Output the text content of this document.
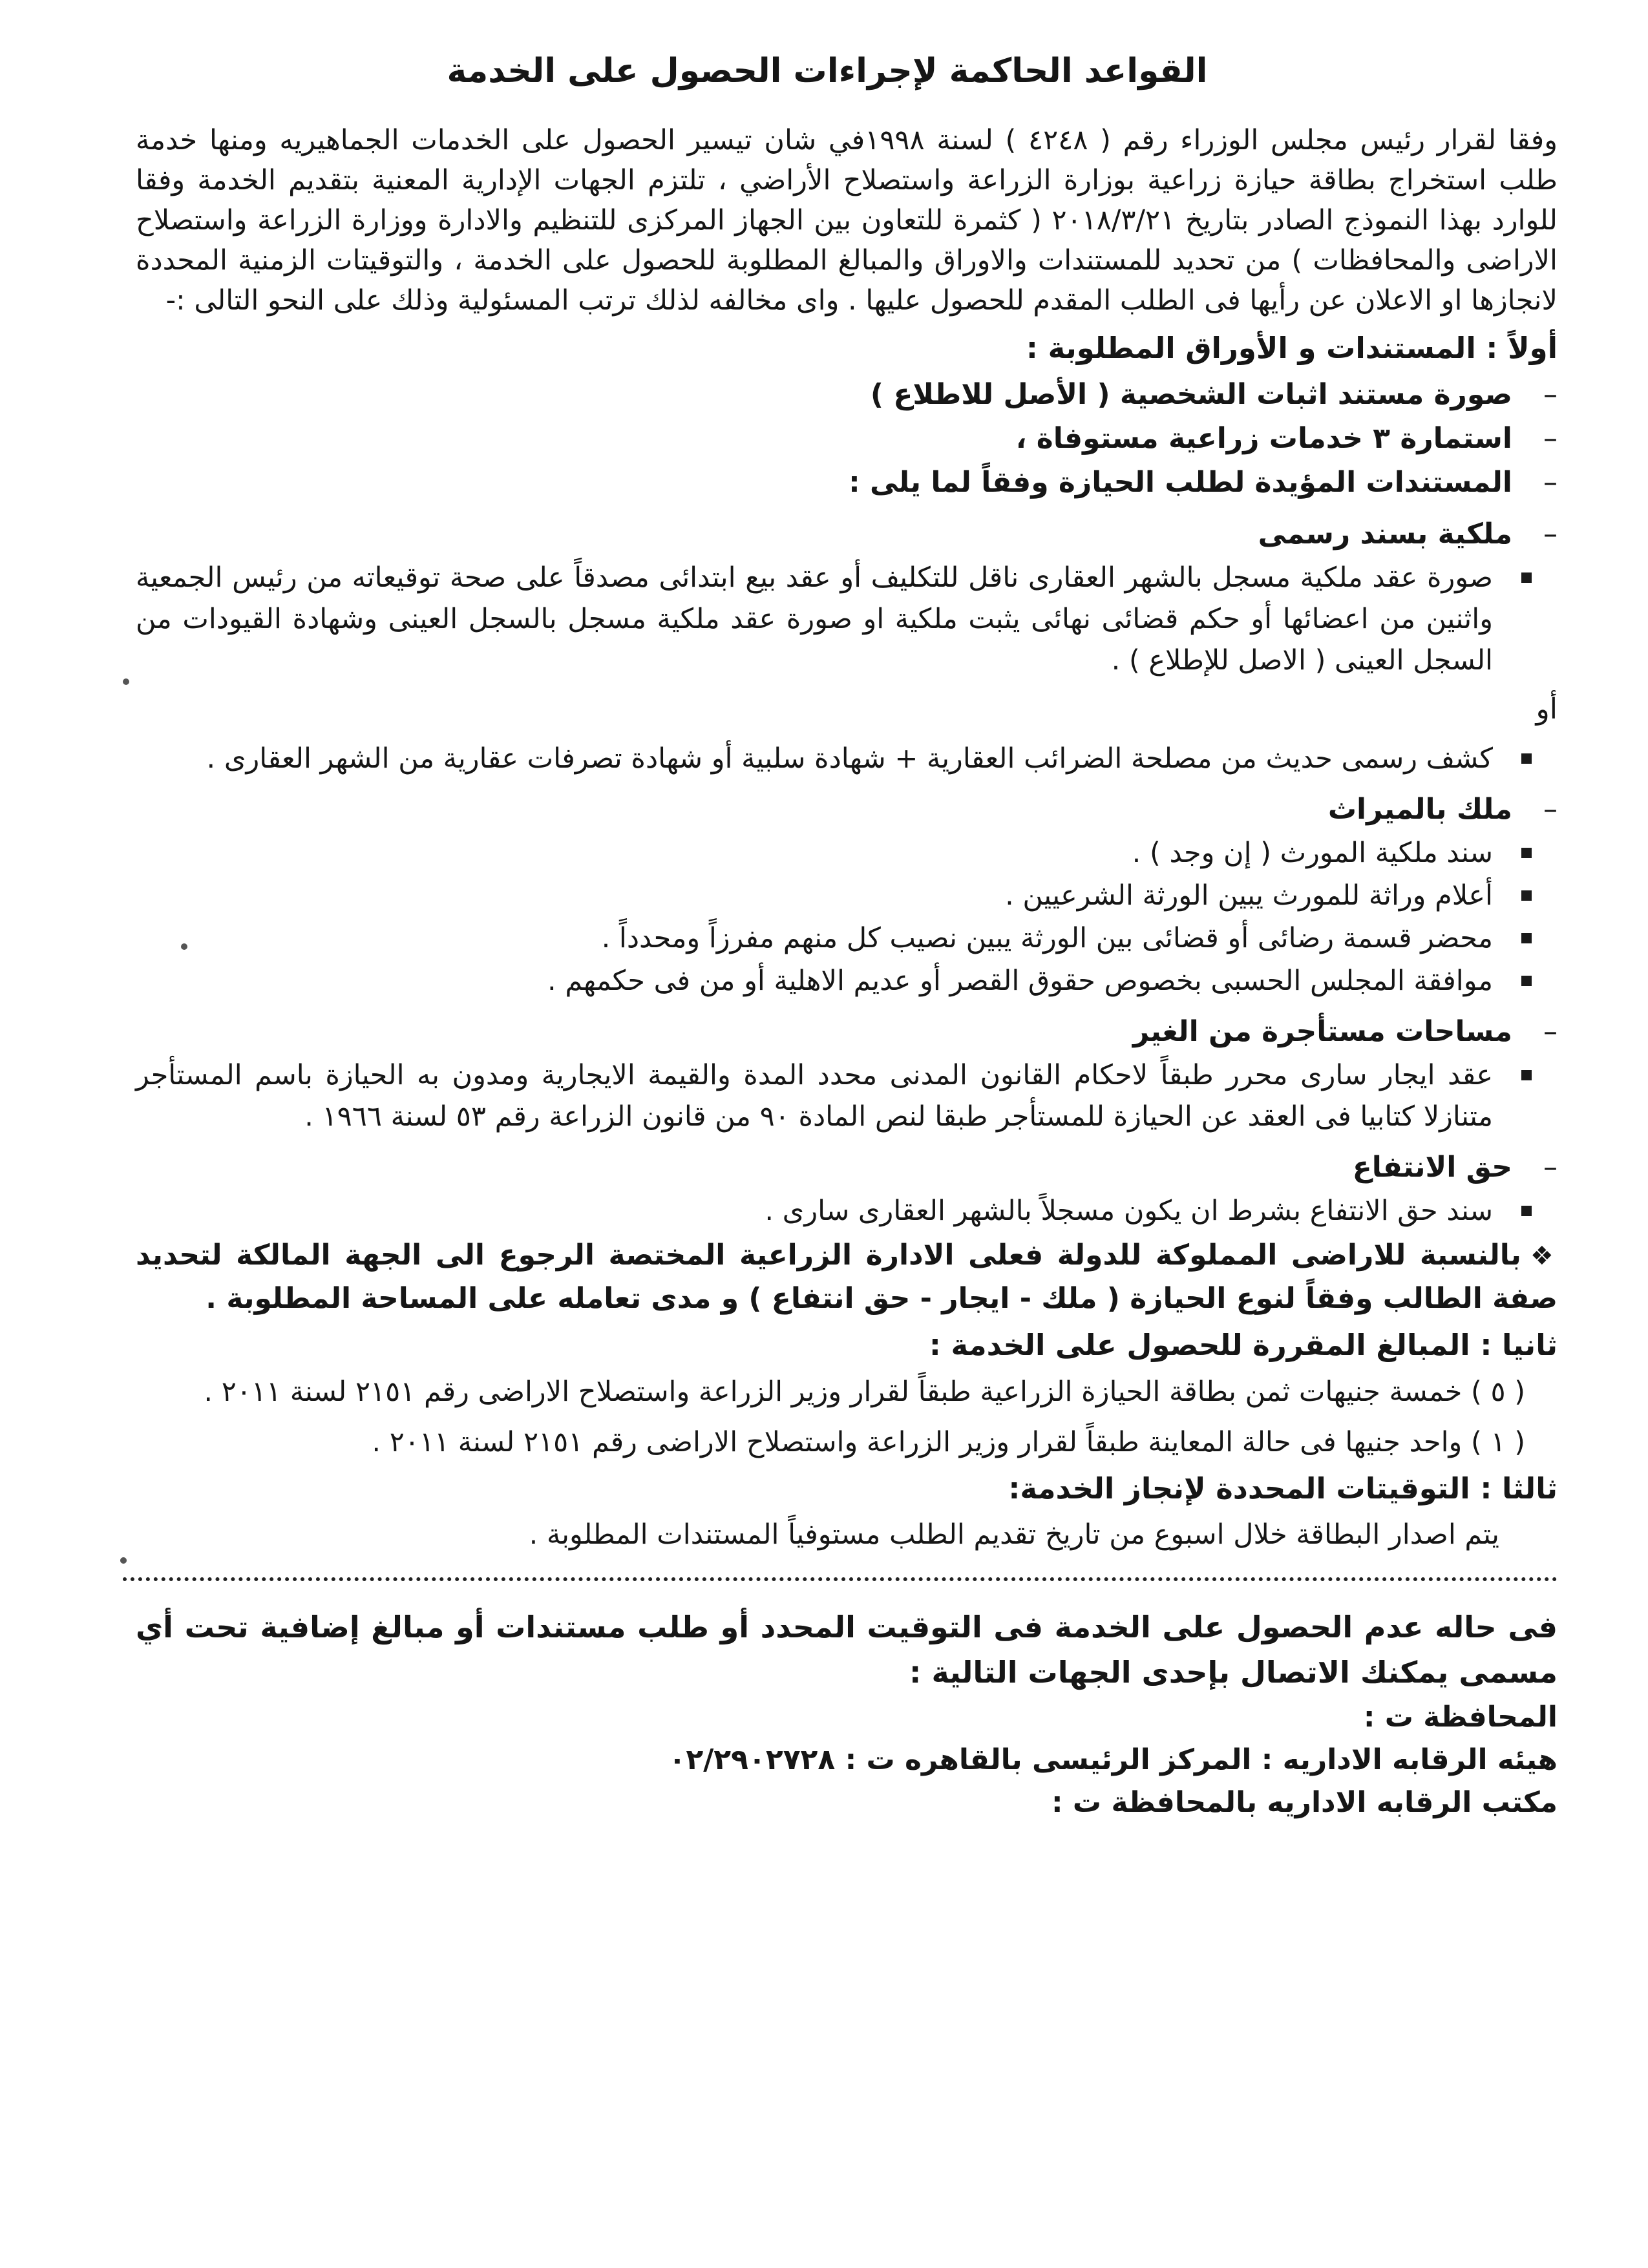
القواعد الحاكمة لإجراءات الحصول على الخدمة
وفقا لقرار رئيس مجلس الوزراء رقم ( ٤٢٤٨ ) لسنة ١٩٩٨في شان تيسير الحصول على الخدمات الجماهيريه ومنها خدمة طلب استخراج بطاقة حيازة زراعية بوزارة الزراعة واستصلاح الأراضي ، تلتزم الجهات الإدارية المعنية بتقديم الخدمة وفقا للوارد بهذا النموذج الصادر بتاريخ ٢٠١٨/٣/٢١ ( كثمرة للتعاون بين الجهاز المركزى للتنظيم والادارة ووزارة الزراعة واستصلاح الاراضى والمحافظات ) من تحديد للمستندات والاوراق والمبالغ المطلوبة للحصول على الخدمة ، والتوقيتات الزمنية المحددة لانجازها او الاعلان عن رأيها فى الطلب المقدم للحصول عليها . واى مخالفه لذلك ترتب المسئولية وذلك على النحو التالى :-
أولاً : المستندات و الأوراق المطلوبة :
–
صورة مستند اثبات الشخصية ( الأصل للاطلاع )
–
استمارة ٣ خدمات زراعية مستوفاة ،
–
المستندات المؤيدة لطلب الحيازة وفقاً لما يلى :
–
ملكية بسند رسمى
صورة عقد ملكية مسجل بالشهر العقارى ناقل للتكليف أو عقد بيع ابتدائى مصدقاً على صحة توقيعاته من رئيس الجمعية واثنين من اعضائها أو حكم قضائى نهائى يثبت ملكية او صورة عقد ملكية مسجل بالسجل العينى وشهادة القيودات من السجل العينى ( الاصل للإطلاع ) .
أو
كشف رسمى حديث من مصلحة الضرائب العقارية + شهادة سلبية أو شهادة تصرفات عقارية من الشهر العقارى .
–
ملك بالميراث
سند ملكية المورث ( إن وجد ) .
أعلام وراثة للمورث يبين الورثة الشرعيين .
محضر قسمة رضائى أو قضائى بين الورثة يبين نصيب كل منهم مفرزاً ومحدداً .
موافقة المجلس الحسبى بخصوص حقوق القصر أو عديم الاهلية أو من فى حكمهم .
–
مساحات مستأجرة من الغير
عقد ايجار سارى محرر طبقاً لاحكام القانون المدنى محدد المدة والقيمة الايجارية ومدون به الحيازة باسم المستأجر متنازلا كتابيا فى العقد عن الحيازة للمستأجر طبقا لنص المادة ٩٠ من قانون الزراعة رقم ٥٣ لسنة ١٩٦٦ .
–
حق الانتفاع
سند حق الانتفاع بشرط ان يكون مسجلاً بالشهر العقارى سارى .
❖بالنسبة للاراضى المملوكة للدولة فعلى الادارة الزراعية المختصة الرجوع الى الجهة المالكة لتحديد صفة الطالب وفقاً لنوع الحيازة ( ملك - ايجار - حق انتفاع ) و مدى تعامله على المساحة المطلوبة .
ثانيا : المبالغ المقررة للحصول على الخدمة :
( ٥ ) خمسة جنيهات ثمن بطاقة الحيازة الزراعية طبقاً لقرار وزير الزراعة واستصلاح الاراضى رقم ٢١٥١ لسنة ٢٠١١ .
( ١ ) واحد جنيها فى حالة المعاينة طبقاً لقرار وزير الزراعة واستصلاح الاراضى رقم ٢١٥١ لسنة ٢٠١١ .
ثالثا : التوقيتات المحددة لإنجاز الخدمة:
يتم اصدار البطاقة خلال اسبوع من تاريخ تقديم الطلب مستوفياً المستندات المطلوبة .
فى حاله عدم الحصول على الخدمة فى التوقيت المحدد أو طلب مستندات أو مبالغ إضافية تحت أي مسمى يمكنك الاتصال بإحدى الجهات التالية :
المحافظة ت :
هيئه الرقابه الاداريه : المركز الرئيسى بالقاهره ت : ٠٢/٢٩٠٢٧٢٨
مكتب الرقابه الاداريه بالمحافظة ت :
